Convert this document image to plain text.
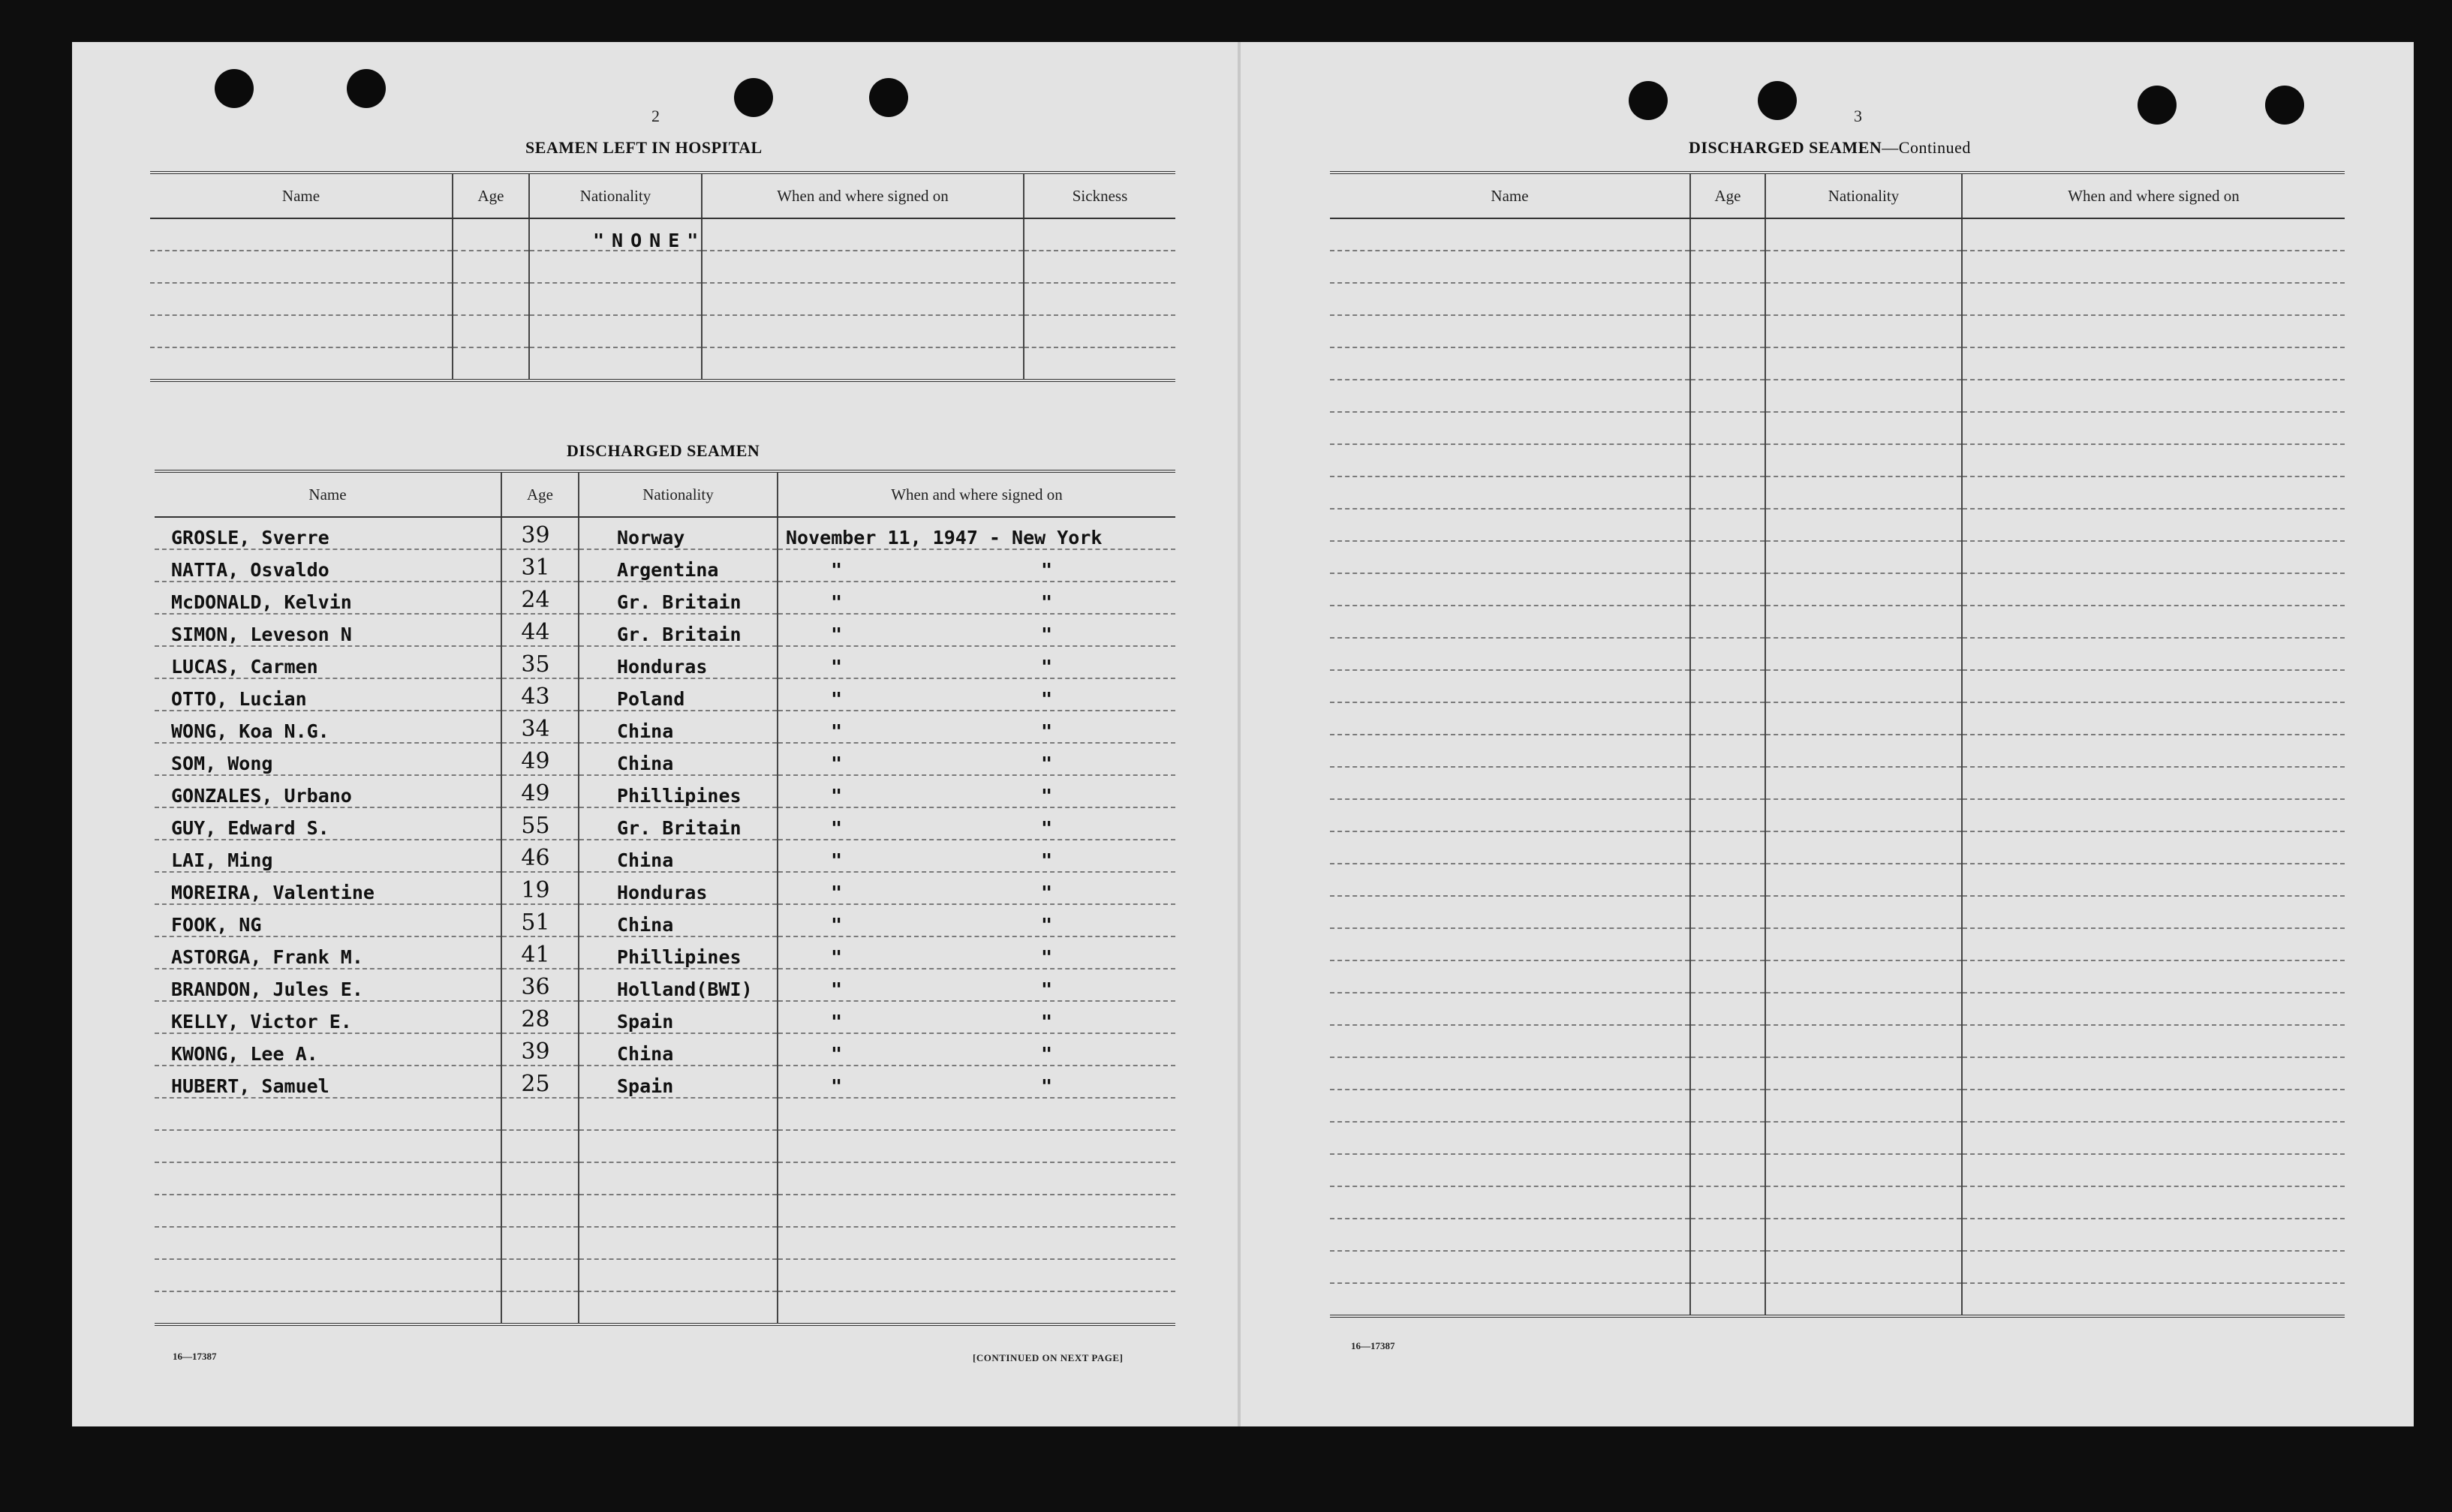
2
SEAMEN LEFT IN HOSPITAL
Name	Age	Nationality	When and where signed on	Sickness

"NONE"
DISCHARGED SEAMEN
Name	Age	Nationality	When and where signed on
GROSLE, Sverre	39	Norway	November 11, 1947 - New York
NATTA, Osvaldo	31	Argentina	" "
McDONALD, Kelvin	24	Gr. Britain	" "
SIMON, Leveson N	44	Gr. Britain	" "
LUCAS, Carmen	35	Honduras	" "
OTTO, Lucian	43	Poland	" "
WONG, Koa N.G.	34	China	" "
SOM, Wong	49	China	" "
GONZALES, Urbano	49	Phillipines	" "
GUY, Edward S.	55	Gr. Britain	" "
LAI, Ming	46	China	" "
MOREIRA, Valentine	19	Honduras	" "
FOOK, NG	51	China	" "
ASTORGA, Frank M.	41	Phillipines	" "
BRANDON, Jules E.	36	Holland(BWI)	" "
KELLY, Victor E.	28	Spain	" "
KWONG, Lee A.	39	China	" "
HUBERT, Samuel	25	Spain	" "

16—17387	[CONTINUED ON NEXT PAGE]
3
DISCHARGED SEAMEN—Continued
Name	Age	Nationality	When and where signed on

16—17387
